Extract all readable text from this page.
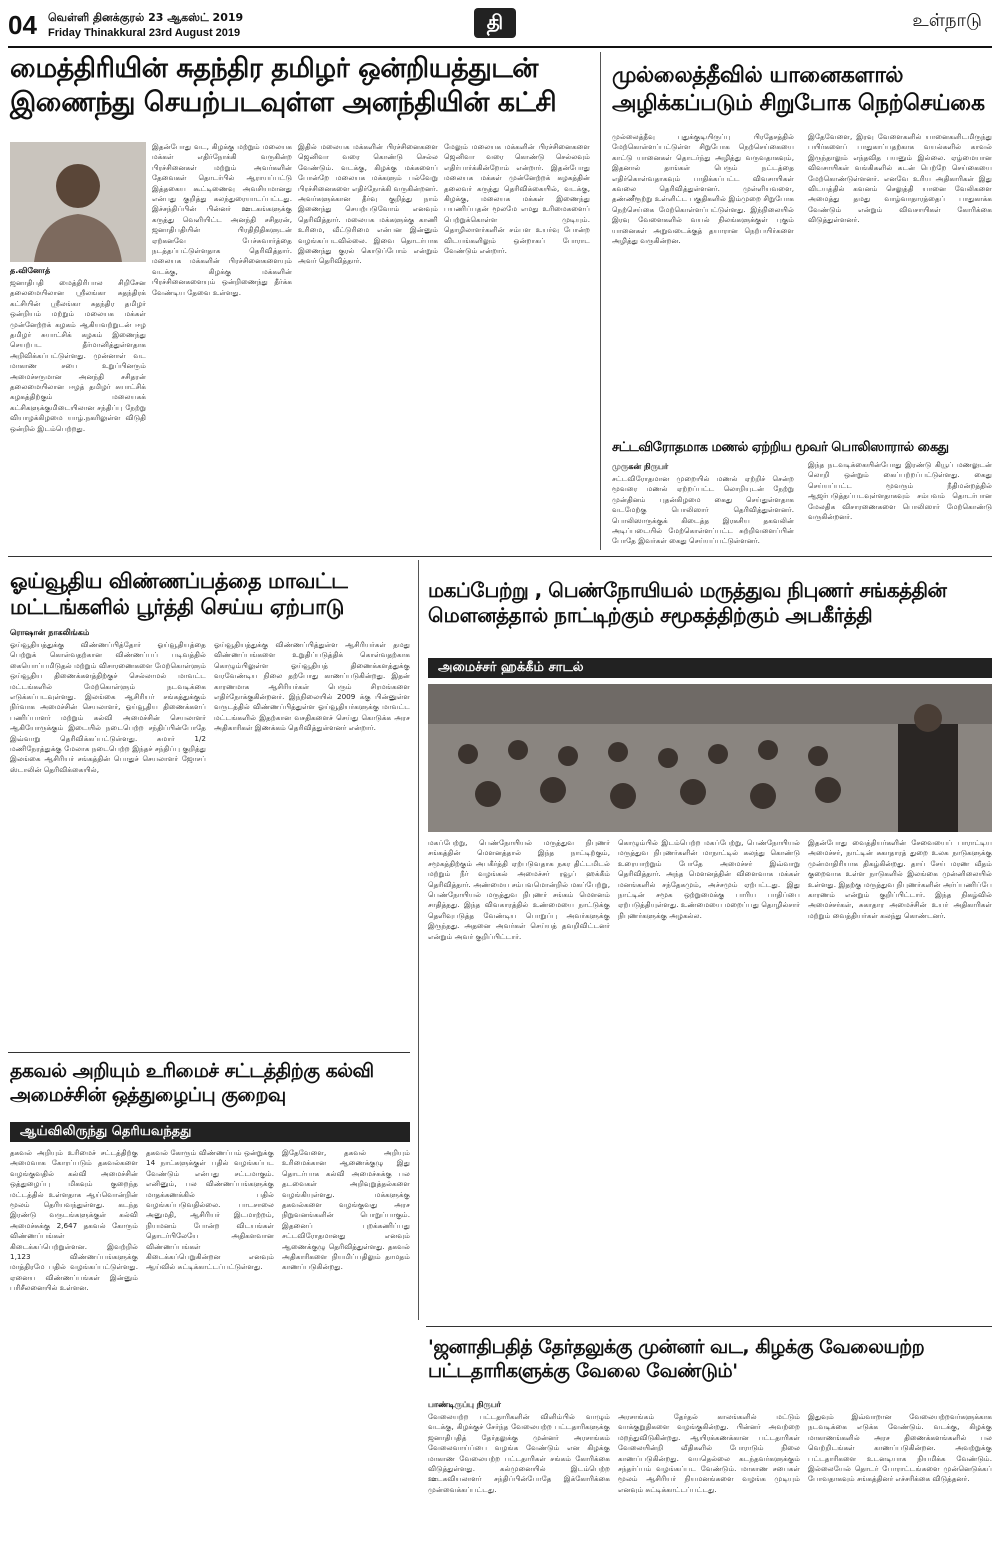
04 வெள்ளி தினக்குரல் 23 ஆகஸ்ட் 2019
Friday Thinakkural 23rd August 2019	தி	உள்நாடு
மைத்திரியின் சுதந்திர தமிழர் ஒன்றியத்துடன் இணைந்து செயற்படவுள்ள அனந்தியின் கட்சி
த.வினோத்
ஜனாதிபதி மைத்திரிபால சிறிசேன தலைமையிலான ஸ்ரீலங்கா சுதந்திரக் கட்சியின் ஸ்ரீலங்கா சுதந்திர தமிழர் ஒன்றியம் மற்றும் மலையக மக்கள் முன்னேற்றக் கழகம் ஆகியவற்றுடன் ஈழ தமிழர் சுயாட்சிக் கழகம் இணைந்து செயற்பட தீர்மானித்துள்ளதாக அறிவிக்கப்பட்டுள்ளது. முன்னாள் வட மாகாண சபை உறுப்பினரும் அமைச்சருமான அனந்தி சசிதரன் தலைமையிலான ஈழத் தமிழர் சுயாட்சிக் கழகத்திற்கும் மலையகக் கட்சிகளுக்குமிடையிலான சந்திப்பு நேற்று வியாழக்கிழமை யாழ்.நகரிலுள்ள விடுதி ஒன்றில் இடம்பெற்றது.
இதன்போது வட, கிழக்கு மற்றும் மலையக மக்கள் எதிர்நோக்கி வருகின்ற பிரச்சினைகள் மற்றும் அவர்களின் தேவைகள் தொடர்பில் ஆராயப்பட்டு இத்தகைய கூட்டிணைவு அவசியமானது என்பது குறித்து கலந்துரையாடப்பட்டது. இச்சந்திப்பின் பின்னர் ஊடகங்களுக்கு கருத்து வெளியிட்ட அனந்தி சசிதரன், ஜனாதிபதியின் பிரதிநிதிகளுடன் ஏற்கனவே பேச்சுவார்த்தை நடத்தப்பட்டுள்ளதாக தெரிவித்தார். மலையக மக்களின் பிரச்சினைகளையும் வடக்கு, கிழக்கு மக்களின் பிரச்சினைகளையும் ஒன்றிணைந்து தீர்க்க வேண்டிய தேவை உள்ளது.
இதில் மலையக மக்களின் பிரச்சினைகளை ஜெனிவா வரை கொண்டு செல்ல வேண்டும். வடக்கு, கிழக்கு மக்களைப் போன்றே மலையக மக்களும் பல்வேறு பிரச்சினைகளை எதிர்நோக்கி வருகின்றனர். அவர்களுக்கான தீர்வு குறித்து நாம் இணைந்து செயற்படுவோம் எனவும் தெரிவித்தார். மலையக மக்களுக்கு காணி உரிமை, வீட்டுரிமை என்பன இன்னும் வழங்கப்படவில்லை. இவை தொடர்பாக இணைந்து குரல் கொடுப்போம் என்றும் அவர் தெரிவித்தார்.
மேலும் மலையக மக்களின் பிரச்சினைகளை ஜெனிவா வரை கொண்டு செல்லவும் எதிர்பார்க்கின்றோம் என்றார். இதன்போது மலையக மக்கள் முன்னேற்றக் கழகத்தின் தலைவர் கருத்து தெரிவிக்கையில், வடக்கு, கிழக்கு, மலையக மக்கள் இணைந்து பயணிப்பதன் மூலமே எமது உரிமைகளைப் பெற்றுக்கொள்ள முடியும். தொழிலாளர்களின் சம்பள உயர்வு போன்ற விடயங்களிலும் ஒன்றாகப் போராட வேண்டும் என்றார்.
முல்லைத்தீவில் யானைகளால் அழிக்கப்படும் சிறுபோக நெற்செய்கை
முல்லைத்தீவு புதுக்குடியிருப்பு பிரதேசத்தில் மேற்கொள்ளப்பட்டுள்ள சிறுபோக நெற்செய்கையை காட்டு யானைகள் தொடர்ந்து அழித்து வருவதாகவும், இதனால் தாங்கள் பெரும் நட்டத்தை எதிர்கொள்வதாகவும் பாதிக்கப்பட்ட விவசாயிகள் கவலை தெரிவித்துள்ளனர். முள்ளியவளை, தண்ணீரூற்று உள்ளிட்ட பகுதிகளில் இம்முறை சிறுபோக நெற்செய்கை மேற்கொள்ளப்பட்டுள்ளது. இந்நிலையில் இரவு வேளைகளில் வயல் நிலங்களுக்குள் புகும் யானைகள் அறுவடைக்குத் தயாரான நெற்பயிர்களை அழித்து வருகின்றன.
இதேவேளை, இரவு வேளைகளில் யானைகளிடமிருந்து பயிர்களைப் பாதுகாப்பதற்காக வயல்களில் காவல் இருந்தாலும் எந்தவித பயனும் இல்லை. ஏழ்மையான விவசாயிகள் வங்கிகளில் கடன் பெற்றே செய்கையை மேற்கொண்டுள்ளனர். எனவே உரிய அதிகாரிகள் இது விடயத்தில் கவனம் செலுத்தி யானை வேலிகளை அமைத்து தமது வாழ்வாதாரத்தைப் பாதுகாக்க வேண்டும் என்றும் விவசாயிகள் கோரிக்கை விடுத்துள்ளனர்.
சட்டவிரோதமாக மணல் ஏற்றிய மூவர் பொலிஸாரால் கைது
முருகன் நிருபர்
சட்டவிரோதமான முறையில் மணல் ஏற்றிச் சென்ற மூவரை மணல் ஏற்றப்பட்ட லொறியுடன் நேற்று முன்தினம் புதன்கிழமை கைது செய்துள்ளதாக வடமேற்கு பொலிஸார் தெரிவித்துள்ளனர். பொலிஸாருக்குக் கிடைத்த இரகசிய தகவலின் அடிப்படையில் மேற்கொள்ளப்பட்ட சுற்றிவளைப்பின் போதே இவர்கள் கைது செய்யப்பட்டுள்ளனர்.
இந்த நடவடிக்கையின்போது இரண்டு கியூப் மணலுடன் லொறி ஒன்றும் கைப்பற்றப்பட்டுள்ளது. கைது செய்யப்பட்ட மூவரும் நீதிமன்றத்தில் ஆஜர்படுத்தப்படவுள்ளதாகவும் சம்பவம் தொடர்பான மேலதிக விசாரணைகளை பொலிஸார் மேற்கொண்டு வருகின்றனர்.
ஓய்வூதிய விண்ணப்பத்தை மாவட்ட மட்டங்களில் பூர்த்தி செய்ய ஏற்பாடு
ரொஷான் நாகலிங்கம்
ஓய்வூதியத்துக்கு விண்ணப்பித்தோர் ஓய்வூதியத்தை பெற்றுக் கொள்வதற்கான விண்ணப்பப் படிவத்தில் கையொப்பமிடுதல் மற்றும் விசாரணைகளை மேற்கொள்ளும் ஒய்வூதிய திணைக்களத்திற்குச் செல்லாமல் மாவட்ட மட்டங்களில் மேற்கொள்ளும் நடவடிக்கை எடுக்கப்படவுள்ளது. இலங்கை ஆசிரியர் சங்கத்துக்கும் நிர்வாக அமைச்சின் செயலாளர், ஓய்வூதிய திணைக்களப் பணிப்பாளர் மற்றும் கல்வி அமைச்சின் செயலாளர் ஆகியோருக்கும் இடையில் நடைபெற்ற சந்திப்பின்போதே இவ்வாறு தெரிவிக்கப்பட்டுள்ளது. சுமார் 1/2 மணிநேரத்துக்கு மேலாக நடைபெற்ற இந்தச் சந்திப்பு குறித்து இலங்கை ஆசிரியர் சங்கத்தின் பொதுச் செயலாளர் ஜோசப் ஸ்டாலின் தெரிவிக்கையில்,
ஓய்வூதியத்துக்கு விண்ணப்பித்துள்ள ஆசிரியர்கள் தமது விண்ணப்பங்களை உறுதிப்படுத்திக் கொள்வதற்காக கொழும்பிலுள்ள ஓய்வூதியத் திணைக்களத்துக்கு வரவேண்டிய நிலை தற்போது காணப்படுகின்றது. இதன் காரணமாக ஆசிரியர்கள் பெரும் சிரமங்களை எதிர்நோக்குகின்றனர். இந்நிலையில் 2009 க்கு பின்னுள்ள வருடத்தில் விண்ணப்பித்துள்ள ஓய்வூதியர்களுக்கு மாவட்ட மட்டங்களில் இதற்கான வசதிகளைச் செய்து கொடுக்க அரச அதிகாரிகள் இணக்கம் தெரிவித்துள்ளனர் என்றார்.
மகப்பேற்று , பெண்நோயியல் மருத்துவ நிபுணர் சங்கத்தின் மௌனத்தால் நாட்டிற்கும் சமூகத்திற்கும் அபகீர்த்தி
அமைச்சர் ஹக்கீம் சாடல்
மகப்பேற்று, பெண்நோயியல் மருத்துவ நிபுணர் சங்கத்தின் மௌனத்தால் இந்த நாட்டிற்கும், சமூகத்திற்கும் அபகீர்த்தி ஏற்படுவதாக நகர திட்டமிடல் மற்றும் நீர் வழங்கல் அமைச்சர் ரவூப் ஹக்கீம் தெரிவித்தார். அண்மைய சம்பவமொன்றில் மகப்பேற்று, பெண்நோயியல் மருத்துவ நிபுணர் சங்கம் மௌனம் சாதித்தது. இந்த விவகாரத்தில் உண்மையை நாட்டுக்கு தெளிவுபடுத்த வேண்டிய பொறுப்பு அவர்களுக்கு இருந்தது. அதனை அவர்கள் செய்யத் தவறிவிட்டனர் என்றும் அவர் குறிப்பிட்டார்.
கொழும்பில் இடம்பெற்ற மகப்பேற்று, பெண்நோயியல் மருத்துவ நிபுணர்களின் மாநாட்டில் கலந்து கொண்டு உரையாற்றும் போதே அமைச்சர் இவ்வாறு தெரிவித்தார். அந்த மௌனத்தின் விளைவாக மக்கள் மனங்களில் சந்தேகமும், அச்சமும் ஏற்பட்டது. இது நாட்டின் சமூக ஒற்றுமைக்கு பாரிய பாதிப்பை ஏற்படுத்தியுள்ளது. உண்மையை மறைப்பது தொழில்சார் நிபுணர்களுக்கு அழகல்ல.
இதன்போது வைத்தியர்களின் சேவையைப் பாராட்டிய அமைச்சர், நாட்டின் சுகாதாரத் துறை உலக நாடுகளுக்கு முன்மாதிரியாக திகழ்கின்றது. தாய் சேய் மரண வீதம் குறைவாக உள்ள நாடுகளில் இலங்கை முன்னிலையில் உள்ளது. இதற்கு மருத்துவ நிபுணர்களின் அர்ப்பணிப்பே காரணம் என்றும் குறிப்பிட்டார். இந்த நிகழ்வில் அமைச்சர்கள், சுகாதார அமைச்சின் உயர் அதிகாரிகள் மற்றும் வைத்தியர்கள் கலந்து கொண்டனர்.
தகவல் அறியும் உரிமைச் சட்டத்திற்கு கல்வி அமைச்சின் ஒத்துழைப்பு குறைவு
ஆய்விலிருந்து தெரியவந்தது
தகவல் அறியும் உரிமைச் சட்டத்திற்கு அமைவாக கோரப்படும் தகவல்களை வழங்குவதில் கல்வி அமைச்சின் ஒத்துழைப்பு மிகவும் குறைந்த மட்டத்தில் உள்ளதாக ஆய்வொன்றின் மூலம் தெரியவந்துள்ளது. கடந்த இரண்டு வருடங்களுக்குள் கல்வி அமைச்சுக்கு 2,647 தகவல் கோரும் விண்ணப்பங்கள் கிடைக்கப்பெற்றுள்ளன. இவற்றில் 1,123 விண்ணப்பங்களுக்கு மாத்திரமே பதில் வழங்கப்பட்டுள்ளது. ஏனைய விண்ணப்பங்கள் இன்னும் பரிசீலனையில் உள்ளன.
தகவல் கோரும் விண்ணப்பம் ஒன்றுக்கு 14 நாட்களுக்குள் பதில் வழங்கப்பட வேண்டும் என்பது சட்டமாகும். எனினும், பல விண்ணப்பங்களுக்கு மாதக்கணக்கில் பதில் வழங்கப்படுவதில்லை. பாடசாலை அனுமதி, ஆசிரியர் இடமாற்றம், நியமனம் போன்ற விடயங்கள் தொடர்பிலேயே அதிகளவான விண்ணப்பங்கள் கிடைக்கப்பெறுகின்றன எனவும் ஆய்வில் சுட்டிக்காட்டப்பட்டுள்ளது.
இதேவேளை, தகவல் அறியும் உரிமைக்கான ஆணைக்குழு இது தொடர்பாக கல்வி அமைச்சுக்கு பல தடவைகள் அறிவுறுத்தல்களை வழங்கியுள்ளது. மக்களுக்கு தகவல்களை வழங்குவது அரச நிறுவனங்களின் பொறுப்பாகும். இதனைப் புறக்கணிப்பது சட்டவிரோதமானது எனவும் ஆணைக்குழு தெரிவித்துள்ளது. தகவல் அதிகாரிகளை நியமிப்பதிலும் தாமதம் காணப்படுகின்றது.
'ஜனாதிபதித் தேர்தலுக்கு முன்னர் வட, கிழக்கு வேலையற்ற பட்டதாரிகளுக்கு வேலை வேண்டும்'
பாண்டிருப்பு நிருபர்
வேலையற்ற பட்டதாரிகளின் விளிம்பில் வாழும் வடக்கு, கிழக்குச் சேர்ந்த வேலையற்ற பட்டதாரிகளுக்கு ஜனாதிபதித் தேர்தலுக்கு முன்னர் அரசாங்கம் வேலைவாய்ப்பை வழங்க வேண்டும் என கிழக்கு மாகாண வேலையற்ற பட்டதாரிகள் சங்கம் கோரிக்கை விடுத்துள்ளது. கல்முனையில் இடம்பெற்ற ஊடகவியலாளர் சந்திப்பின்போதே இக்கோரிக்கை முன்வைக்கப்பட்டது.
அரசாங்கம் தேர்தல் காலங்களில் மட்டும் வாக்குறுதிகளை வழங்குகின்றது. பின்னர் அவற்றை மறந்துவிடுகின்றது. ஆயிரக்கணக்கான பட்டதாரிகள் வேலையின்றி வீதிகளில் போராடும் நிலை காணப்படுகின்றது. வயதெல்லை கடந்தவர்களுக்கும் சந்தர்ப்பம் வழங்கப்பட வேண்டும். மாகாண சபைகள் மூலம் ஆசிரியர் நியமனங்களை வழங்க முடியும் எனவும் சுட்டிக்காட்டப்பட்டது.
இதுவும் இவ்வாறான வேலையற்றவர்களுக்காக நடவடிக்கை எடுக்க வேண்டும். வடக்கு, கிழக்கு மாகாணங்களில் அரச திணைக்களங்களில் பல வெற்றிடங்கள் காணப்படுகின்றன. அவற்றுக்கு பட்டதாரிகளை உடனடியாக நியமிக்க வேண்டும். இல்லையேல் தொடர் போராட்டங்களை முன்னெடுக்கப் போவதாகவும் சங்கத்தினர் எச்சரிக்கை விடுத்தனர்.
